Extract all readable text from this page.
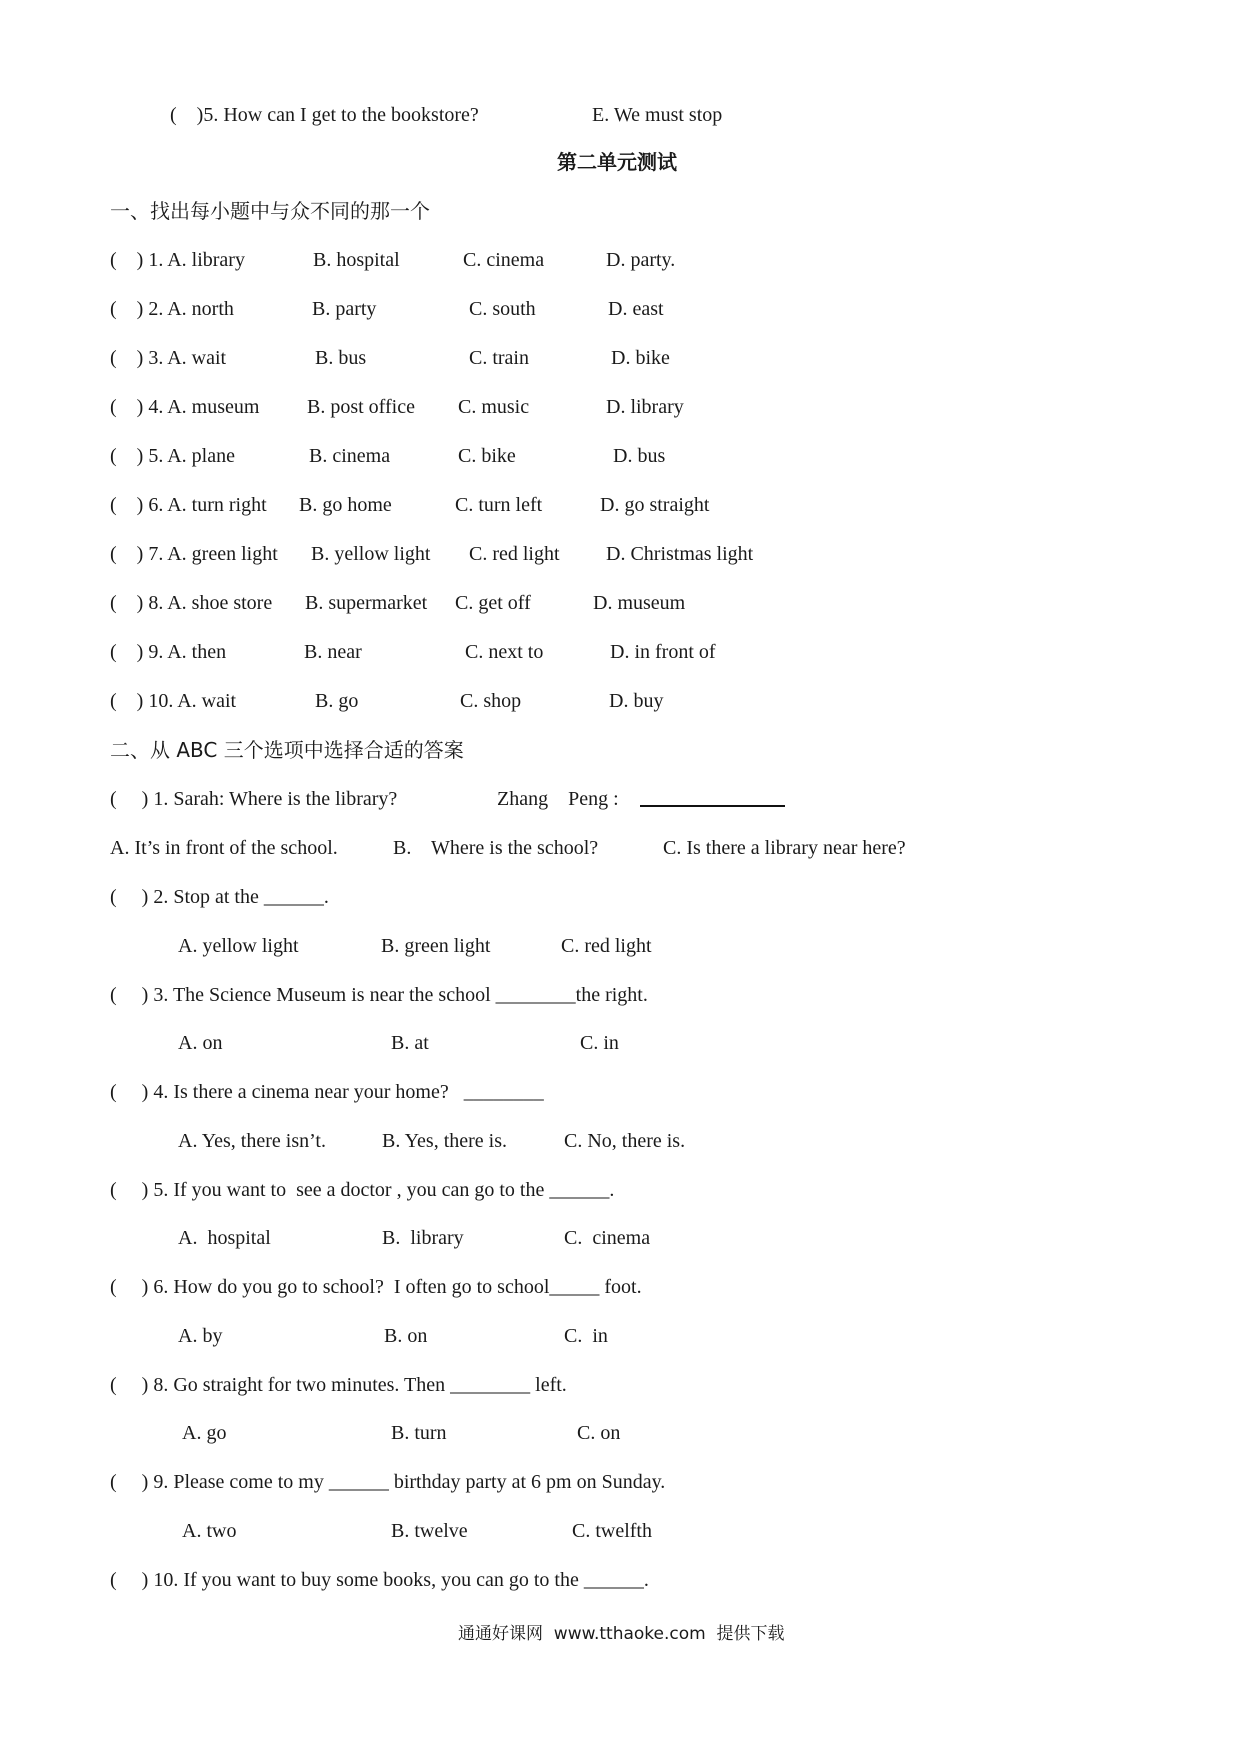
(    )5. How can I get to the bookstore?	E. We must stop
第二单元测试
一、找出每小题中与众不同的那一个
(    ) 1. A. library	B. hospital	C. cinema	D. party.
(    ) 2. A. north	B. party	C. south	D. east
(    ) 3. A. wait	B. bus	C. train	D. bike
(    ) 4. A. museum B. post office C. music	D. library
(    ) 5. A. plane	B. cinema	C. bike	D. bus
(    ) 6. A. turn right B. go home	C. turn left	D. go straight
(    ) 7. A. green light B. yellow light C. red light D. Christmas light
(    ) 8. A. shoe store B. supermarket C. get off	D. museum
(    ) 9. A. then	B. near	C. next to	D. in front of
(    ) 10. A. wait	B. go	C. shop	D. buy
二、从 ABC 三个选项中选择合适的答案
(     ) 1. Sarah: Where is the library?	Zhang    Peng :
A. It’s in front of the school.	B.    Where is the school?	C. Is there a library near here?
(     ) 2. Stop at the ______.
A. yellow light	B. green light	C. red light
(     ) 3. The Science Museum is near the school ________the right.
A. on	B. at	C. in
(     ) 4. Is there a cinema near your home?   ________
A. Yes, there isn’t.	B. Yes, there is.	C. No, there is.
(     ) 5. If you want to  see a doctor , you can go to the ______.
A.  hospital	B.  library	C.  cinema
(     ) 6. How do you go to school?  I often go to school_____ foot.
A. by	B. on	C.  in
(     ) 8. Go straight for two minutes. Then ________ left.
A. go	B. turn	C. on
(     ) 9. Please come to my ______ birthday party at 6 pm on Sunday.
A. two	B. twelve	C. twelfth
(     ) 10. If you want to buy some books, you can go to the ______.
通通好课网  www.tthaoke.com  提供下载
